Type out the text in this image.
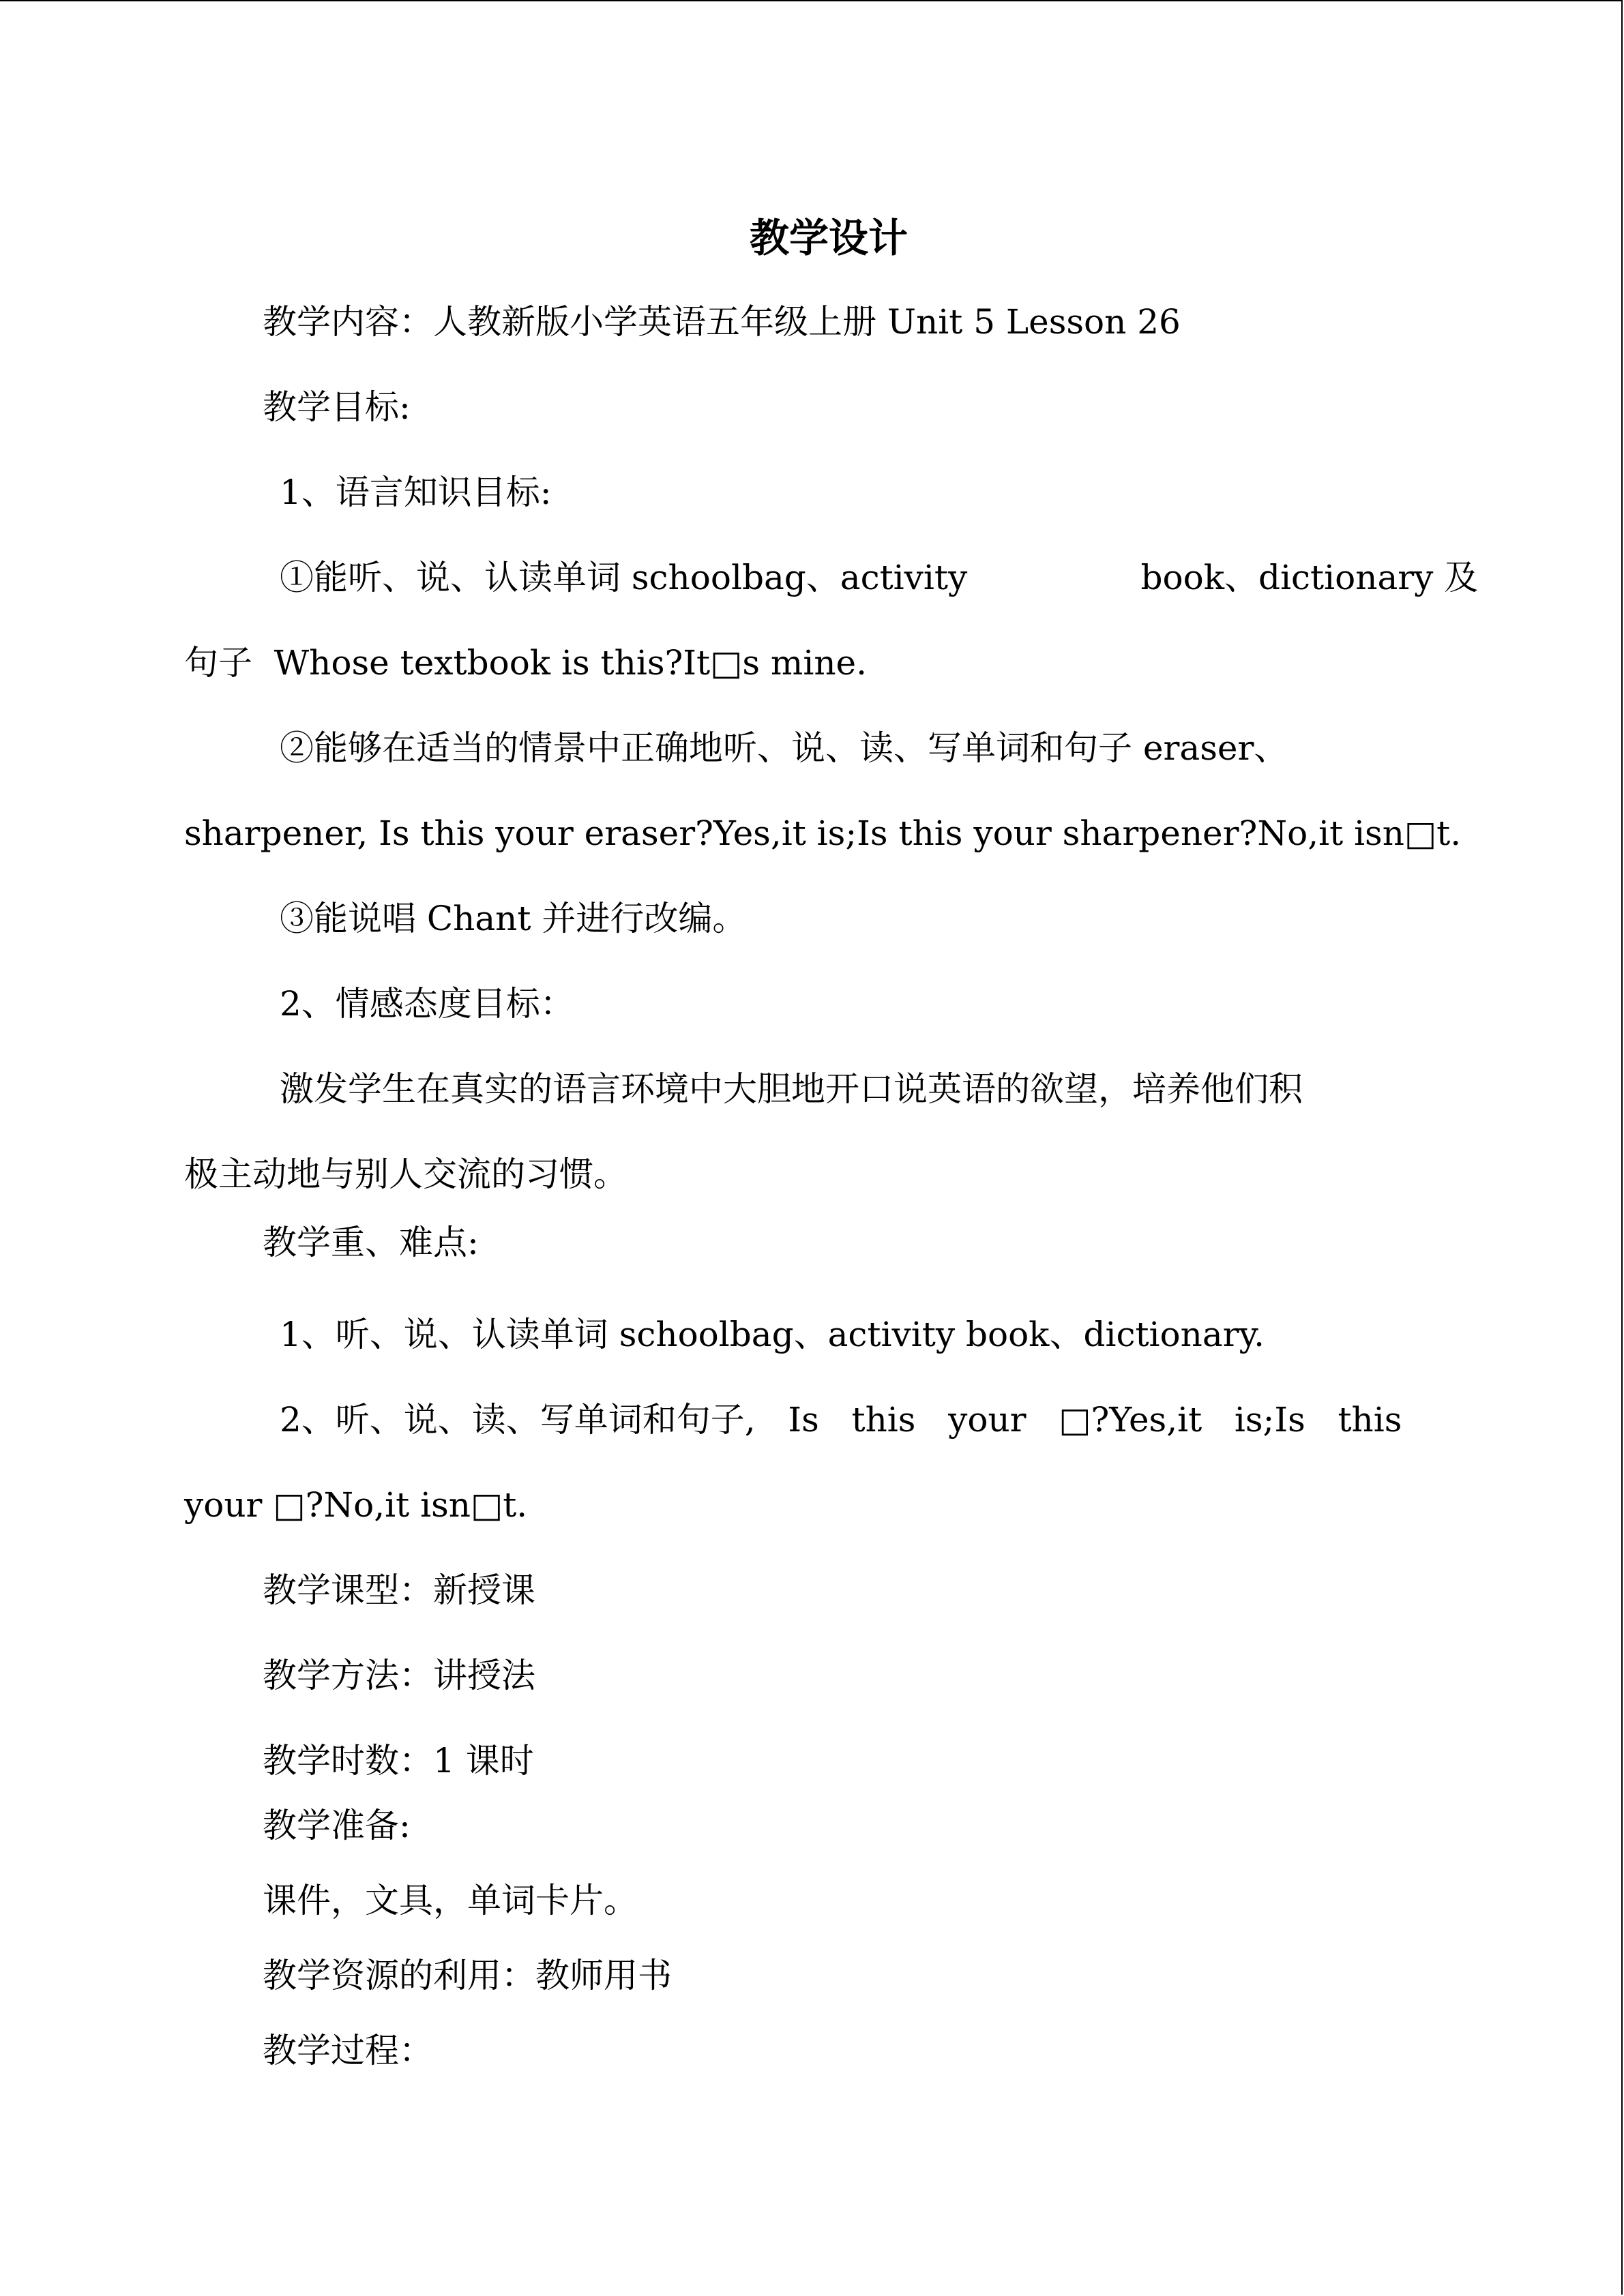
教学设计
教学内容：人教新版小学英语五年级上册 Unit 5 Lesson 26
教学目标:
1、语言知识目标:
①能听、说、认读单词 schoolbag、activity                book、dictionary 及
句子  Whose textbook is this?It□s mine.
②能够在适当的情景中正确地听、说、读、写单词和句子 eraser、
sharpener, Is this your eraser?Yes,it is;Is this your sharpener?No,it isn□t.
③能说唱 Chant 并进行改编。
2、情感态度目标：
激发学生在真实的语言环境中大胆地开口说英语的欲望，培养他们积
极主动地与别人交流的习惯。
教学重、难点:
1、听、说、认读单词 schoolbag、activity book、dictionary.
2、听、说、读、写单词和句子,   Is   this   your   □?Yes,it   is;Is   this
your □?No,it isn□t.
教学课型：新授课
教学方法：讲授法
教学时数：1 课时
教学准备:
课件，文具，单词卡片。
教学资源的利用：教师用书
教学过程：
